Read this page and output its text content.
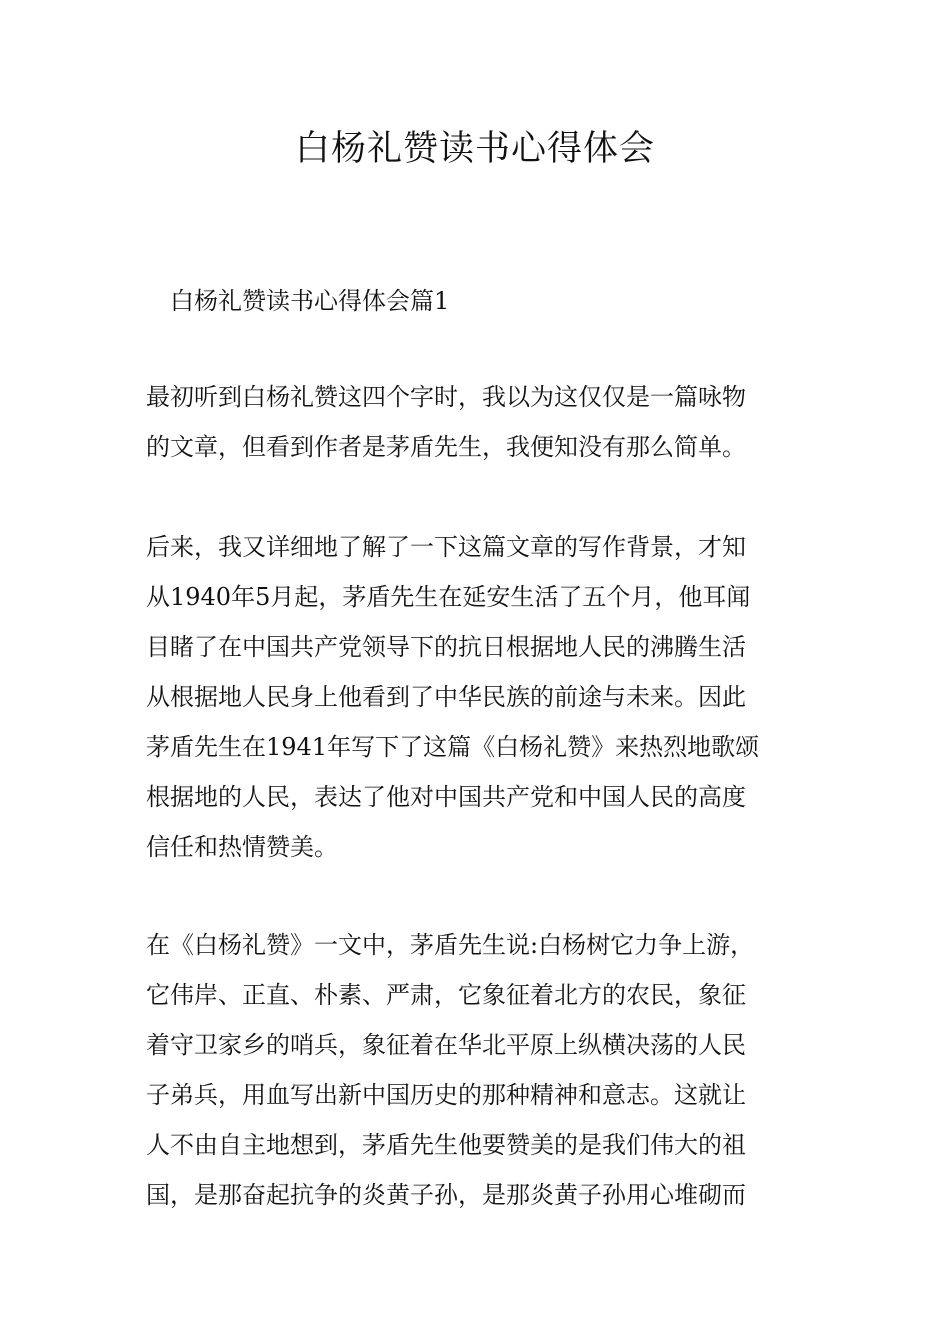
白杨礼赞读书心得体会
白杨礼赞读书心得体会篇1
最初听到白杨礼赞这四个字时，我以为这仅仅是一篇咏物
的文章，但看到作者是茅盾先生，我便知没有那么简单。
后来，我又详细地了解了一下这篇文章的写作背景，才知
从1940年5月起，茅盾先生在延安生活了五个月，他耳闻
目睹了在中国共产党领导下的抗日根据地人民的沸腾生活
从根据地人民身上他看到了中华民族的前途与未来。因此
茅盾先生在1941年写下了这篇《白杨礼赞》来热烈地歌颂
根据地的人民，表达了他对中国共产党和中国人民的高度
信任和热情赞美。
在《白杨礼赞》一文中，茅盾先生说:白杨树它力争上游，
它伟岸、正直、朴素、严肃，它象征着北方的农民，象征
着守卫家乡的哨兵，象征着在华北平原上纵横决荡的人民
子弟兵，用血写出新中国历史的那种精神和意志。这就让
人不由自主地想到，茅盾先生他要赞美的是我们伟大的祖
国，是那奋起抗争的炎黄子孙，是那炎黄子孙用心堆砌而
